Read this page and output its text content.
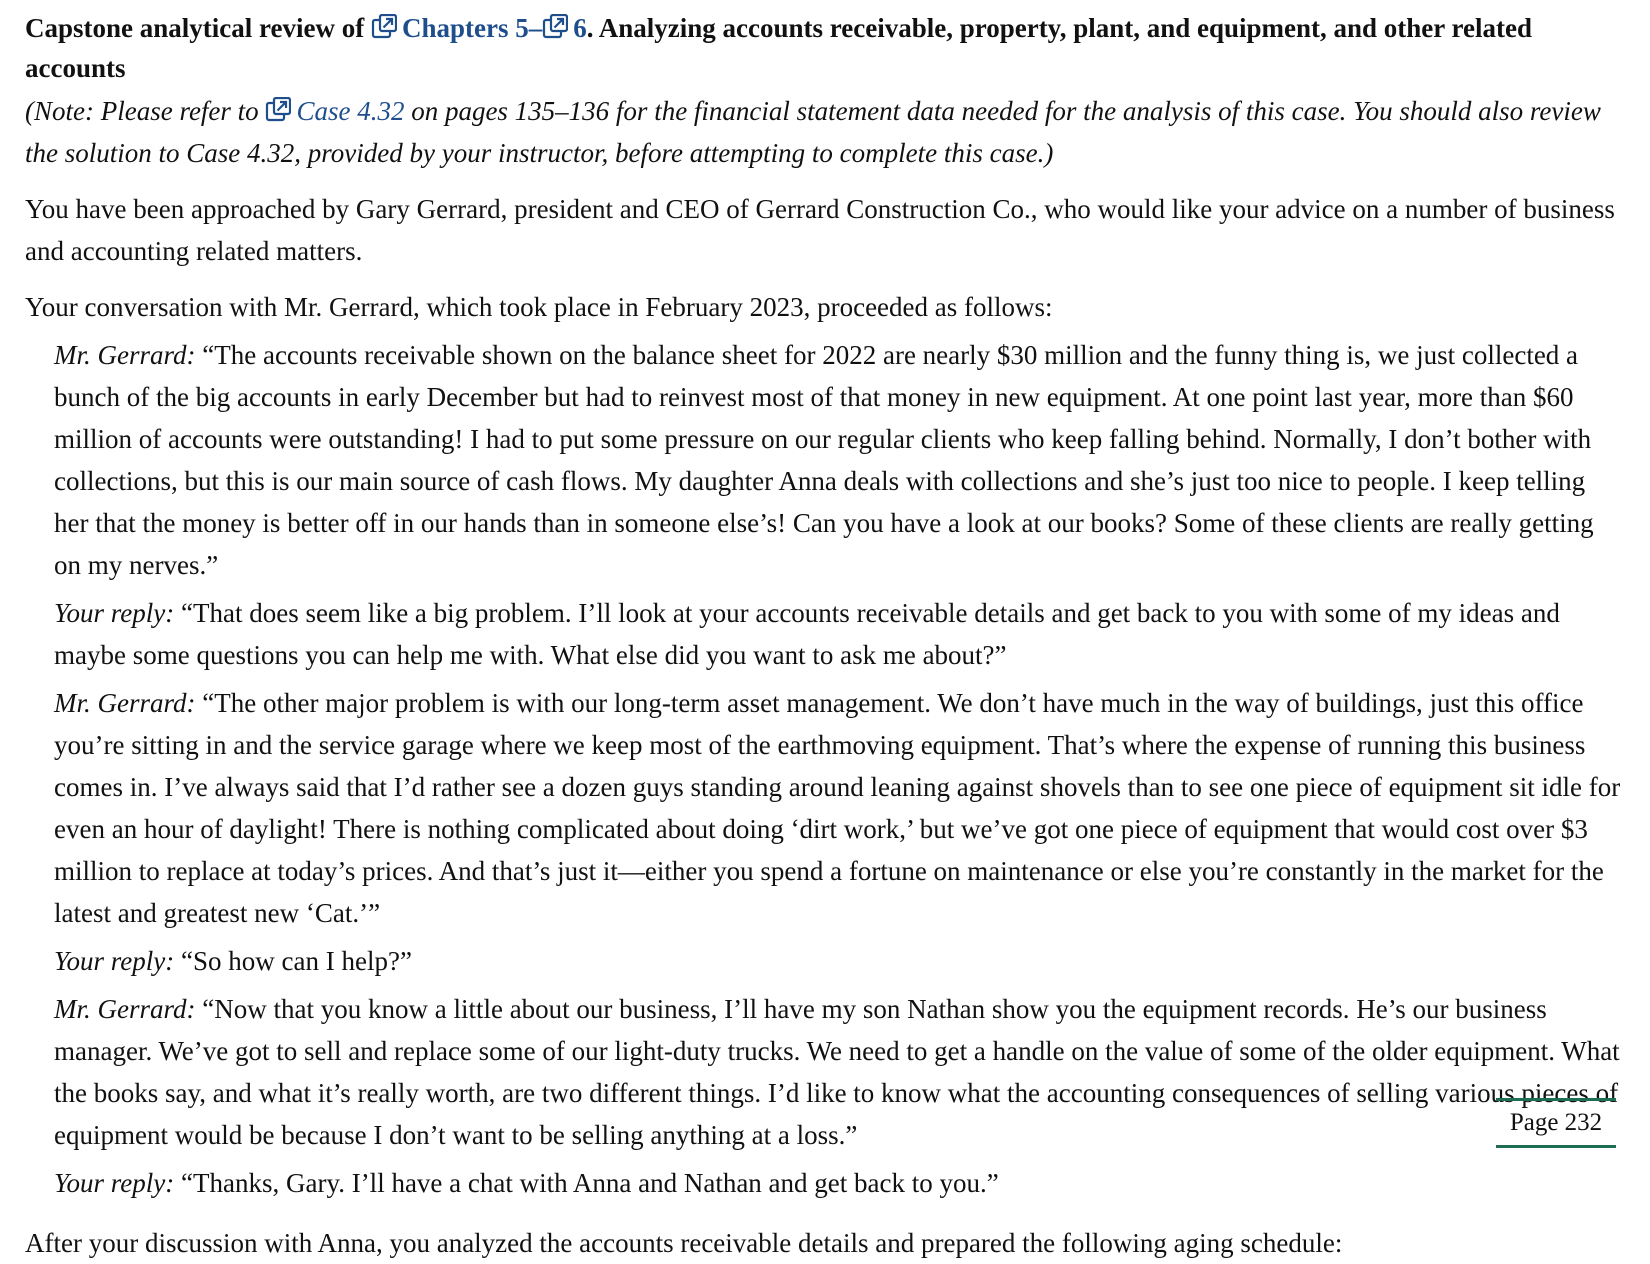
Capstone analytical review of Chapters 5– 6. Analyzing accounts receivable, property, plant, and equipment, and other related accounts

(Note: Please refer to Case 4.32 on pages 135–136 for the financial statement data needed for the analysis of this case. You should also review the solution to Case 4.32, provided by your instructor, before attempting to complete this case.)

You have been approached by Gary Gerrard, president and CEO of Gerrard Construction Co., who would like your advice on a number of business and accounting related matters.

Your conversation with Mr. Gerrard, which took place in February 2023, proceeded as follows:

Mr. Gerrard: “The accounts receivable shown on the balance sheet for 2022 are nearly $30 million and the funny thing is, we just collected a bunch of the big accounts in early December but had to reinvest most of that money in new equipment. At one point last year, more than $60 million of accounts were outstanding! I had to put some pressure on our regular clients who keep falling behind. Normally, I don’t bother with collections, but this is our main source of cash flows. My daughter Anna deals with collections and she’s just too nice to people. I keep telling her that the money is better off in our hands than in someone else’s! Can you have a look at our books? Some of these clients are really getting on my nerves.”

Your reply: “That does seem like a big problem. I’ll look at your accounts receivable details and get back to you with some of my ideas and maybe some questions you can help me with. What else did you want to ask me about?”

Mr. Gerrard: “The other major problem is with our long-term asset management. We don’t have much in the way of buildings, just this office you’re sitting in and the service garage where we keep most of the earthmoving equipment. That’s where the expense of running this business comes in. I’ve always said that I’d rather see a dozen guys standing around leaning against shovels than to see one piece of equipment sit idle for even an hour of daylight! There is nothing complicated about doing ‘dirt work,’ but we’ve got one piece of equipment that would cost over $3 million to replace at today’s prices. And that’s just it—either you spend a fortune on maintenance or else you’re constantly in the market for the latest and greatest new ‘Cat.’”

Your reply: “So how can I help?”

Mr. Gerrard: “Now that you know a little about our business, I’ll have my son Nathan show you the equipment records. He’s our business manager. We’ve got to sell and replace some of our light-duty trucks. We need to get a handle on the value of some of the older equipment. What the books say, and what it’s really worth, are two different things. I’d like to know what the accounting consequences of selling various pieces of equipment would be because I don’t want to be selling anything at a loss.”

Your reply: “Thanks, Gary. I’ll have a chat with Anna and Nathan and get back to you.”

After your discussion with Anna, you analyzed the accounts receivable details and prepared the following aging schedule:

Page 232
